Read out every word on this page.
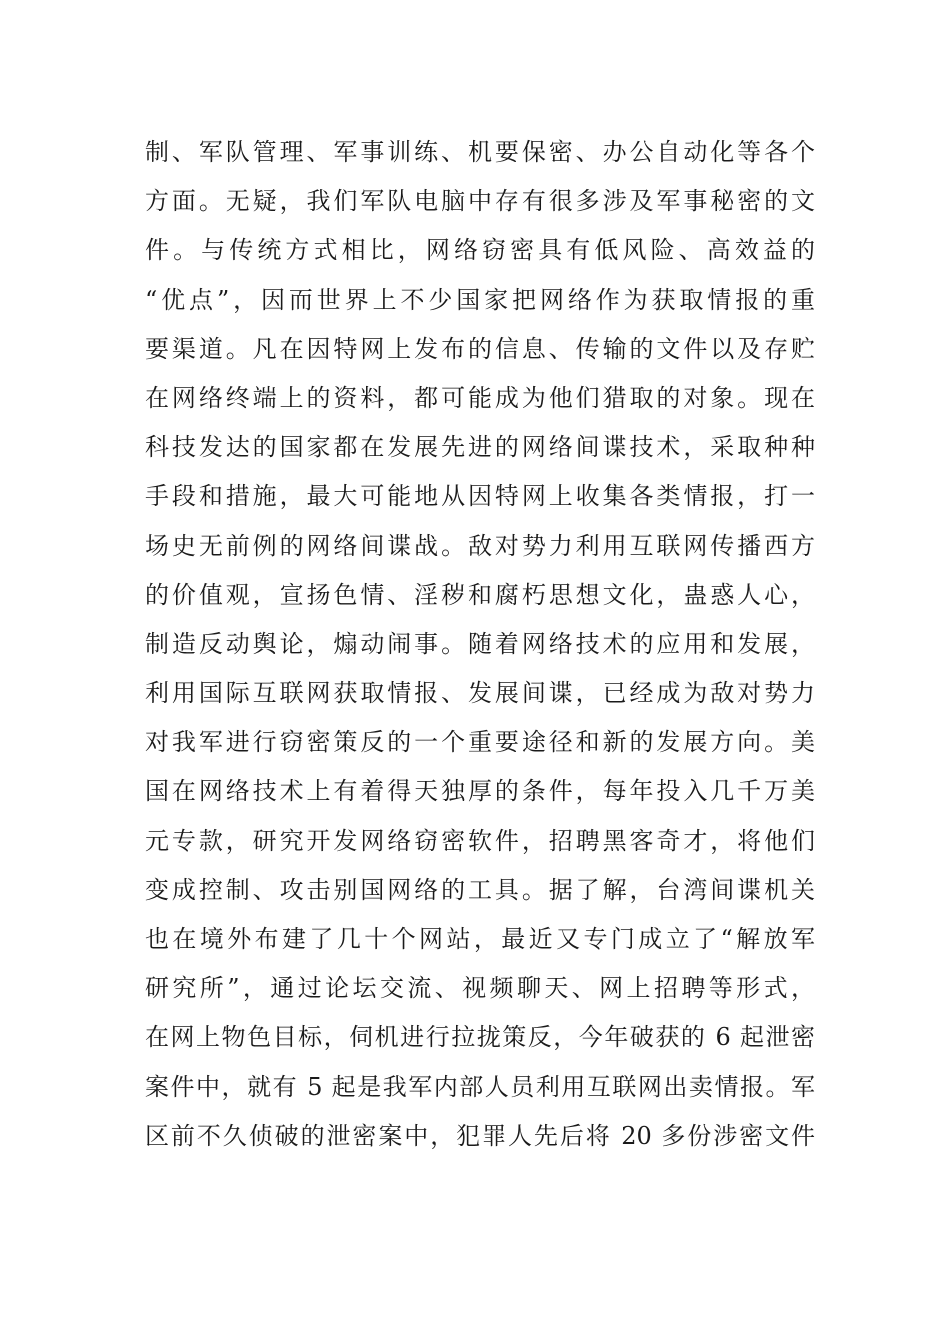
制、军队管理、军事训练、机要保密、办公自动化等各个
方面。无疑，我们军队电脑中存有很多涉及军事秘密的文
件。与传统方式相比，网络窃密具有低风险、高效益的
“优点”，因而世界上不少国家把网络作为获取情报的重
要渠道。凡在因特网上发布的信息、传输的文件以及存贮
在网络终端上的资料，都可能成为他们猎取的对象。现在
科技发达的国家都在发展先进的网络间谍技术，采取种种
手段和措施，最大可能地从因特网上收集各类情报，打一
场史无前例的网络间谍战。敌对势力利用互联网传播西方
的价值观，宣扬色情、淫秽和腐朽思想文化，蛊惑人心，
制造反动舆论，煽动闹事。随着网络技术的应用和发展，
利用国际互联网获取情报、发展间谍，已经成为敌对势力
对我军进行窃密策反的一个重要途径和新的发展方向。美
国在网络技术上有着得天独厚的条件，每年投入几千万美
元专款，研究开发网络窃密软件，招聘黑客奇才，将他们
变成控制、攻击别国网络的工具。据了解，台湾间谍机关
也在境外布建了几十个网站，最近又专门成立了“解放军
研究所”，通过论坛交流、视频聊天、网上招聘等形式，
在网上物色目标，伺机进行拉拢策反，今年破获的 6 起泄密
案件中，就有 5 起是我军内部人员利用互联网出卖情报。军
区前不久侦破的泄密案中，犯罪人先后将 20 多份涉密文件
